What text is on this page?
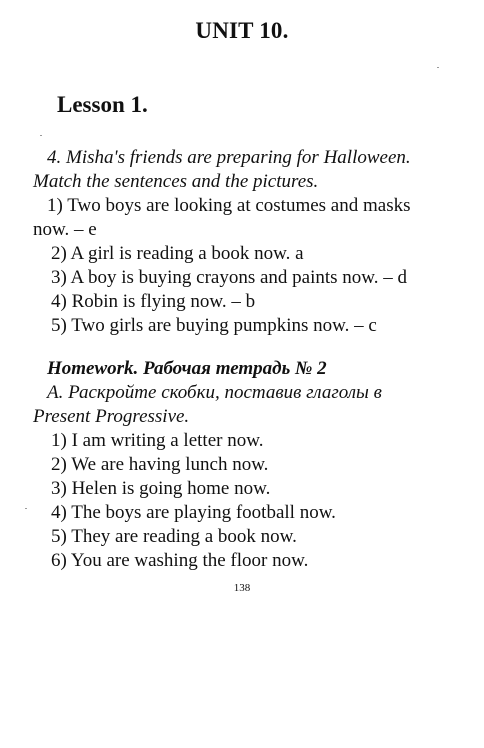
UNIT 10.
Lesson 1.
4. Misha's friends are preparing for Halloween.
Match the sentences and the pictures.
1) Two boys are looking at costumes and masks
now. – e
2) A girl is reading a book now. a
3) A boy is buying crayons and paints now. – d
4) Robin is flying now. – b
5) Two girls are buying pumpkins now. – c
Homework. Рабочая тетрадь № 2
A. Раскройте скобки, поставив глаголы в
Present Progressive.
1) I am writing a letter now.
2) We are having lunch now.
3) Helen is going home now.
4) The boys are playing football now.
5) They are reading a book now.
6) You are washing the floor now.
138
